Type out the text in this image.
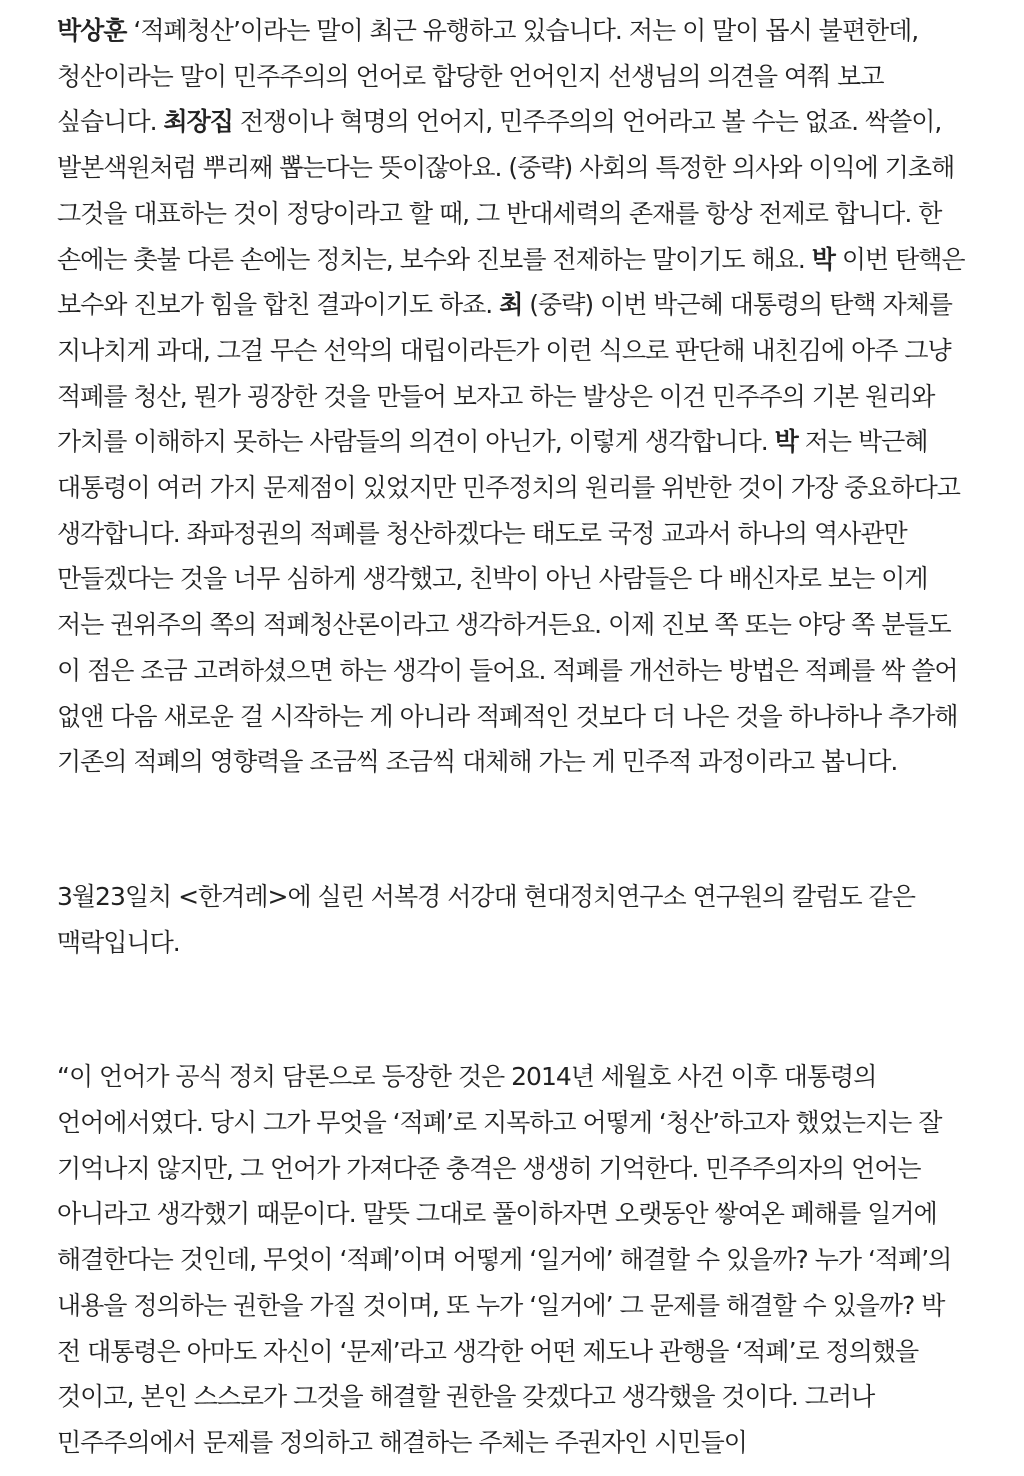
박상훈 ‘적폐청산’이라는 말이 최근 유행하고 있습니다. 저는 이 말이 몹시 불편한데, 청산이라는 말이 민주주의의 언어로 합당한 언어인지 선생님의 의견을 여쭤 보고 싶습니다. 최장집 전쟁이나 혁명의 언어지, 민주주의의 언어라고 볼 수는 없죠. 싹쓸이, 발본색원처럼 뿌리째 뽑는다는 뜻이잖아요. (중략) 사회의 특정한 의사와 이익에 기초해 그것을 대표하는 것이 정당이라고 할 때, 그 반대세력의 존재를 항상 전제로 합니다. 한 손에는 촛불 다른 손에는 정치는, 보수와 진보를 전제하는 말이기도 해요. 박 이번 탄핵은 보수와 진보가 힘을 합친 결과이기도 하죠. 최 (중략) 이번 박근혜 대통령의 탄핵 자체를 지나치게 과대, 그걸 무슨 선악의 대립이라든가 이런 식으로 판단해 내친김에 아주 그냥 적폐를 청산, 뭔가 굉장한 것을 만들어 보자고 하는 발상은 이건 민주주의 기본 원리와 가치를 이해하지 못하는 사람들의 의견이 아닌가, 이렇게 생각합니다. 박 저는 박근혜 대통령이 여러 가지 문제점이 있었지만 민주정치의 원리를 위반한 것이 가장 중요하다고 생각합니다. 좌파정권의 적폐를 청산하겠다는 태도로 국정 교과서 하나의 역사관만 만들겠다는 것을 너무 심하게 생각했고, 친박이 아닌 사람들은 다 배신자로 보는 이게 저는 권위주의 쪽의 적폐청산론이라고 생각하거든요. 이제 진보 쪽 또는 야당 쪽 분들도 이 점은 조금 고려하셨으면 하는 생각이 들어요. 적폐를 개선하는 방법은 적폐를 싹 쓸어 없앤 다음 새로운 걸 시작하는 게 아니라 적폐적인 것보다 더 나은 것을 하나하나 추가해 기존의 적폐의 영향력을 조금씩 조금씩 대체해 가는 게 민주적 과정이라고 봅니다.

3월23일치 <한겨레>에 실린 서복경 서강대 현대정치연구소 연구원의 칼럼도 같은 맥락입니다.

“이 언어가 공식 정치 담론으로 등장한 것은 2014년 세월호 사건 이후 대통령의 언어에서였다. 당시 그가 무엇을 ‘적폐’로 지목하고 어떻게 ‘청산’하고자 했었는지는 잘 기억나지 않지만, 그 언어가 가져다준 충격은 생생히 기억한다. 민주주의자의 언어는 아니라고 생각했기 때문이다. 말뜻 그대로 풀이하자면 오랫동안 쌓여온 폐해를 일거에 해결한다는 것인데, 무엇이 ‘적폐’이며 어떻게 ‘일거에’ 해결할 수 있을까? 누가 ‘적폐’의 내용을 정의하는 권한을 가질 것이며, 또 누가 ‘일거에’ 그 문제를 해결할 수 있을까? 박 전 대통령은 아마도 자신이 ‘문제’라고 생각한 어떤 제도나 관행을 ‘적폐’로 정의했을 것이고, 본인 스스로가 그것을 해결할 권한을 갖겠다고 생각했을 것이다. 그러나 민주주의에서 문제를 정의하고 해결하는 주체는 주권자인 시민들이
